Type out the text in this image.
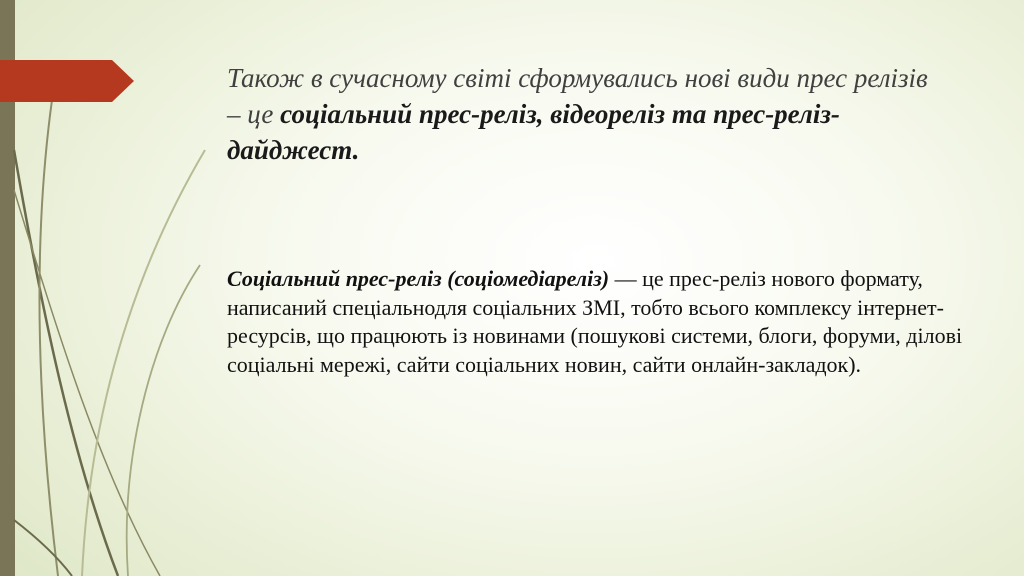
Також в сучасному світі сформувались нові види прес релізів – це соціальний прес-реліз, відеореліз та прес-реліз-дайджест.

Соціальний прес-реліз (соціомедіареліз) — це прес-реліз нового формату, написаний спеціальнодля соціальних ЗМІ, тобто всього комплексу інтернет-ресурсів, що працюють із новинами (пошукові системи, блоги, форуми, ділові соціальні мережі, сайти соціальних новин, сайти онлайн-закладок).
